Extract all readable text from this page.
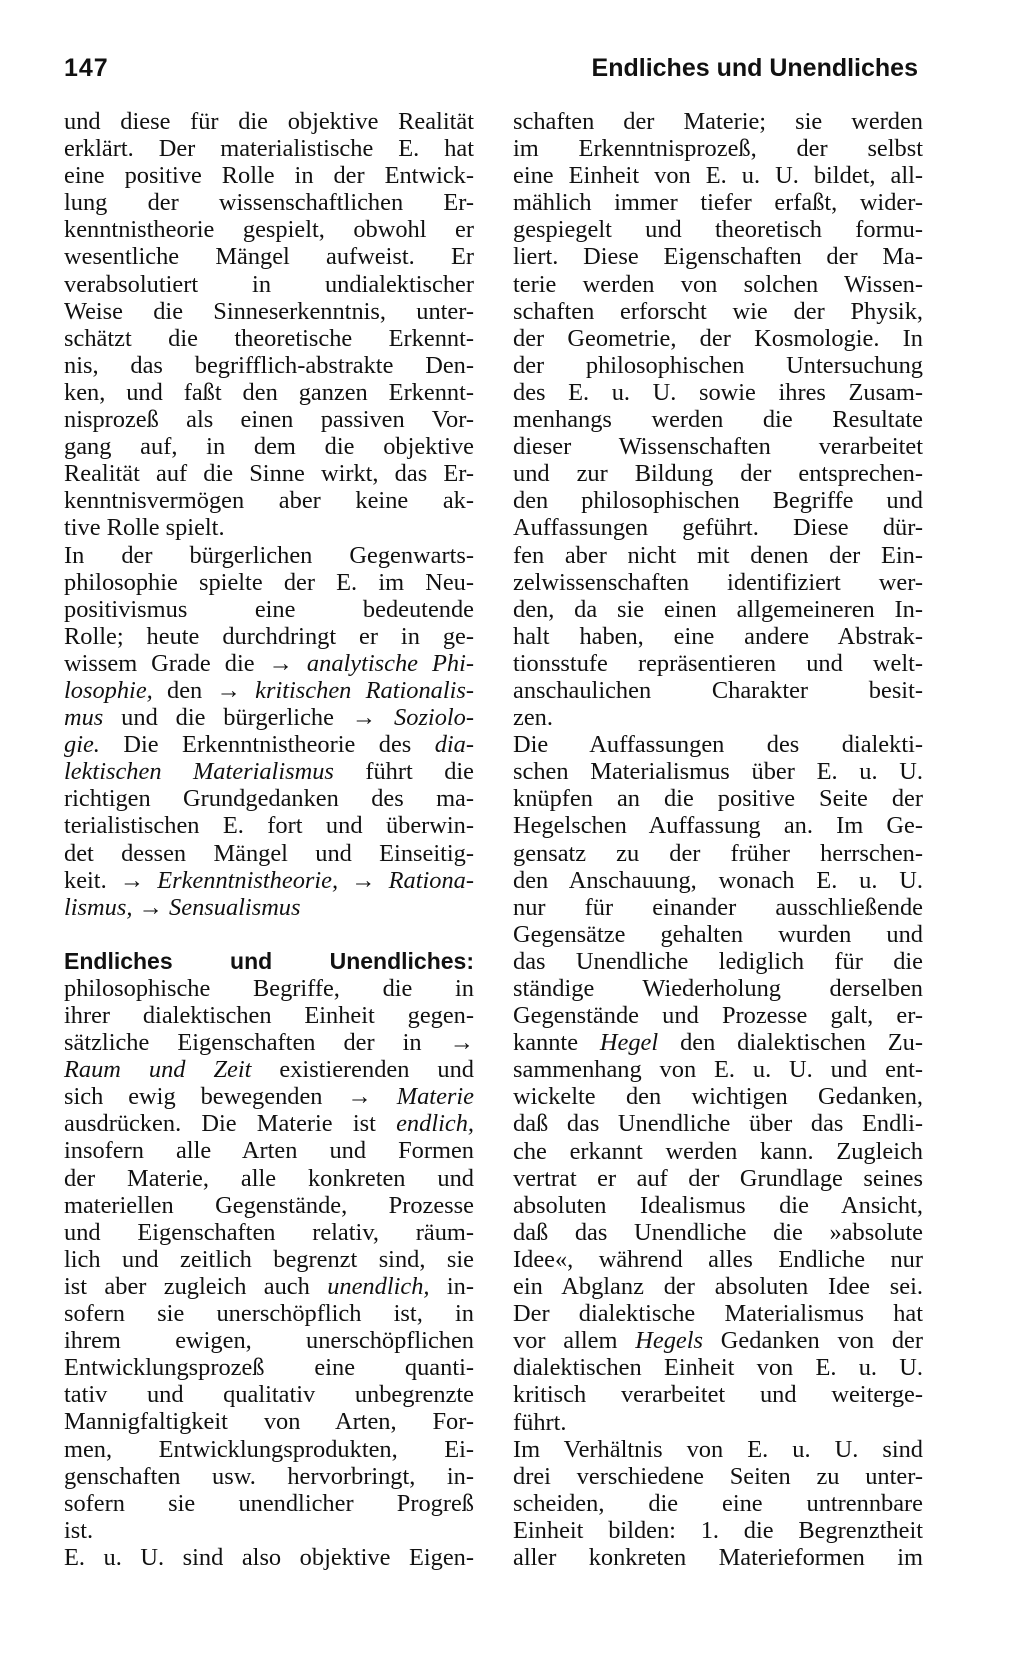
147	Endliches und Unendliches
und diese für die objektive Realität
erklärt. Der materialistische E. hat
eine positive Rolle in der Entwick-
lung der wissenschaftlichen Er-
kenntnistheorie gespielt, obwohl er
wesentliche Mängel aufweist. Er
verabsolutiert in undialektischer
Weise die Sinneserkenntnis, unter-
schätzt die theoretische Erkennt-
nis, das begrifflich-abstrakte Den-
ken, und faßt den ganzen Erkennt-
nisprozeß als einen passiven Vor-
gang auf, in dem die objektive
Realität auf die Sinne wirkt, das Er-
kenntnisvermögen aber keine ak-
tive Rolle spielt.
In der bürgerlichen Gegenwarts-
philosophie spielte der E. im Neu-
positivismus eine bedeutende
Rolle; heute durchdringt er in ge-
wissem Grade die → analytische Phi-
losophie, den → kritischen Rationalis-
mus und die bürgerliche → Soziolo-
gie. Die Erkenntnistheorie des dia-
lektischen Materialismus führt die
richtigen Grundgedanken des ma-
terialistischen E. fort und überwin-
det dessen Mängel und Einseitig-
keit. → Erkenntnistheorie, → Rationa-
lismus, → Sensualismus
Endliches und Unendliches:
philosophische Begriffe, die in
ihrer dialektischen Einheit gegen-
sätzliche Eigenschaften der in →
Raum und Zeit existierenden und
sich ewig bewegenden → Materie
ausdrücken. Die Materie ist endlich,
insofern alle Arten und Formen
der Materie, alle konkreten und
materiellen Gegenstände, Prozesse
und Eigenschaften relativ, räum-
lich und zeitlich begrenzt sind, sie
ist aber zugleich auch unendlich, in-
sofern sie unerschöpflich ist, in
ihrem ewigen, unerschöpflichen
Entwicklungsprozeß eine quanti-
tativ und qualitativ unbegrenzte
Mannigfaltigkeit von Arten, For-
men, Entwicklungsprodukten, Ei-
genschaften usw. hervorbringt, in-
sofern sie unendlicher Progreß
ist.
E. u. U. sind also objektive Eigen-
schaften der Materie; sie werden
im Erkenntnisprozeß, der selbst
eine Einheit von E. u. U. bildet, all-
mählich immer tiefer erfaßt, wider-
gespiegelt und theoretisch formu-
liert. Diese Eigenschaften der Ma-
terie werden von solchen Wissen-
schaften erforscht wie der Physik,
der Geometrie, der Kosmologie. In
der philosophischen Untersuchung
des E. u. U. sowie ihres Zusam-
menhangs werden die Resultate
dieser Wissenschaften verarbeitet
und zur Bildung der entsprechen-
den philosophischen Begriffe und
Auffassungen geführt. Diese dür-
fen aber nicht mit denen der Ein-
zelwissenschaften identifiziert wer-
den, da sie einen allgemeineren In-
halt haben, eine andere Abstrak-
tionsstufe repräsentieren und welt-
anschaulichen Charakter besit-
zen.
Die Auffassungen des dialekti-
schen Materialismus über E. u. U.
knüpfen an die positive Seite der
Hegelschen Auffassung an. Im Ge-
gensatz zu der früher herrschen-
den Anschauung, wonach E. u. U.
nur für einander ausschließende
Gegensätze gehalten wurden und
das Unendliche lediglich für die
ständige Wiederholung derselben
Gegenstände und Prozesse galt, er-
kannte Hegel den dialektischen Zu-
sammenhang von E. u. U. und ent-
wickelte den wichtigen Gedanken,
daß das Unendliche über das Endli-
che erkannt werden kann. Zugleich
vertrat er auf der Grundlage seines
absoluten Idealismus die Ansicht,
daß das Unendliche die »absolute
Idee«, während alles Endliche nur
ein Abglanz der absoluten Idee sei.
Der dialektische Materialismus hat
vor allem Hegels Gedanken von der
dialektischen Einheit von E. u. U.
kritisch verarbeitet und weiterge-
führt.
Im Verhältnis von E. u. U. sind
drei verschiedene Seiten zu unter-
scheiden, die eine untrennbare
Einheit bilden: 1. die Begrenztheit
aller konkreten Materieformen im
